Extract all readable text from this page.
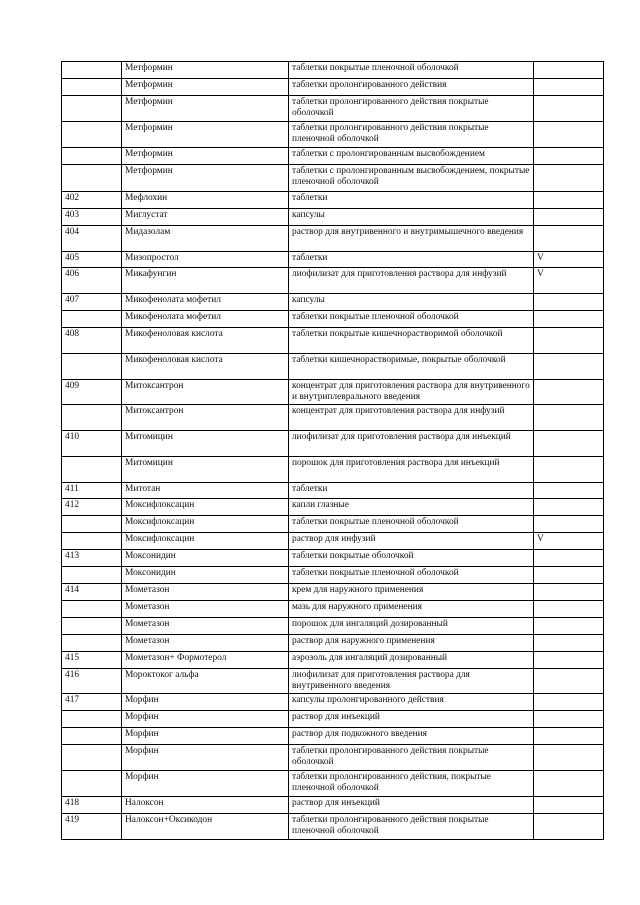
	Метформин	таблетки покрытые пленочной оболочкой	
	Метформин	таблетки пролонгированного действия	
	Метформин	таблетки пролонгированного действия покрытые оболочкой	
	Метформин	таблетки пролонгированного действия покрытые пленочной оболочкой	
	Метформин	таблетки с пролонгированным высвобождением	
	Метформин	таблетки с пролонгированным высвобождением, покрытые пленочной оболочкой	
402	Мефлохин	таблетки	
403	Миглустат	капсулы	
404	Мидазолам	раствор для внутривенного и внутримышечного введения	
405	Мизопростол	таблетки	V
406	Микафунгин	лиофилизат для приготовления раствора для инфузий	V
407	Микофенолата мофетил	капсулы	
	Микофенолата мофетил	таблетки покрытые пленочной оболочкой	
408	Микофеноловая кислота	таблетки покрытые кишечнорастворимой оболочкой	
	Микофеноловая кислота	таблетки кишечнорастворимые, покрытые оболочкой	
409	Митоксантрон	концентрат для приготовления раствора для внутривенного и внутриплеврального введения	
	Митоксантрон	концентрат для приготовления раствора для инфузий	
410	Митомицин	лиофилизат для приготовления раствора для инъекций	
	Митомицин	порошок для приготовления раствора для инъекций	
411	Митотан	таблетки	
412	Моксифлоксацин	капли глазные	
	Моксифлоксацин	таблетки покрытые пленочной оболочкой	
	Моксифлоксацин	раствор для инфузий	V
413	Моксонидин	таблетки покрытые оболочкой	
	Моксонидин	таблетки покрытые пленочной оболочкой	
414	Мометазон	крем для наружного применения	
	Мометазон	мазь для наружного применения	
	Мометазон	порошок для ингаляций дозированный	
	Мометазон	раствор для наружного применения	
415	Мометазон+ Формотерол	аэрозоль для ингаляций дозированный	
416	Мороктоког альфа	лиофилизат для приготовления раствора для внутривенного введения	
417	Морфин	капсулы пролонгированного действия	
	Морфин	раствор для инъекций	
	Морфин	раствор для подкожного введения	
	Морфин	таблетки пролонгированного действия покрытые оболочкой	
	Морфин	таблетки пролонгированного действия, покрытые пленочной оболочкой	
418	Налоксон	раствор для инъекций	
419	Налоксон+Оксикодон	таблетки пролонгированного действия покрытые пленочной оболочкой	
